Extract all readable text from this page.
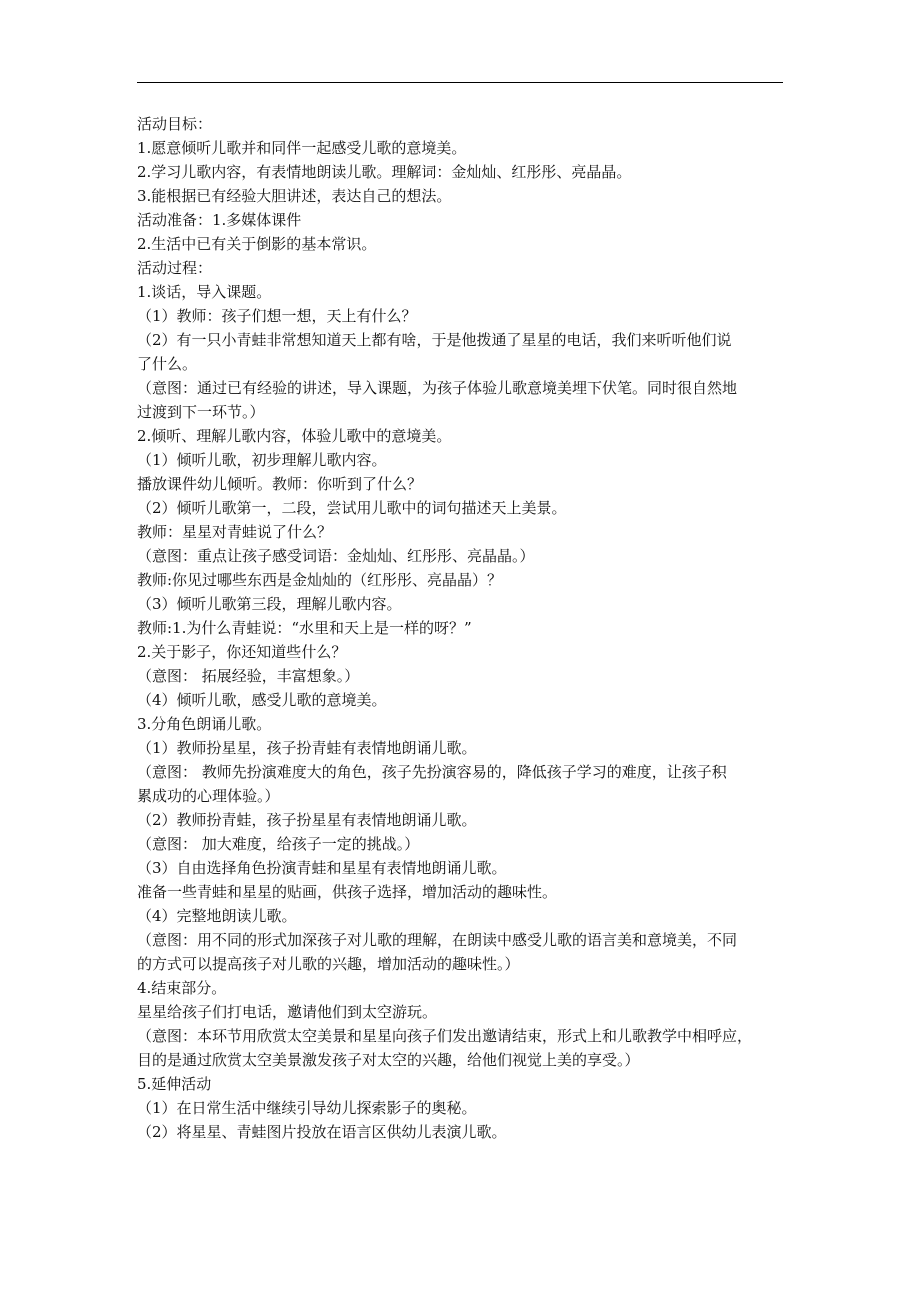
活动目标：
1.愿意倾听儿歌并和同伴一起感受儿歌的意境美。
2.学习儿歌内容，有表情地朗读儿歌。理解词：金灿灿、红彤彤、亮晶晶。
3.能根据已有经验大胆讲述，表达自己的想法。
活动准备：1.多媒体课件
2.生活中已有关于倒影的基本常识。
活动过程：
1.谈话，导入课题。
（1）教师：孩子们想一想，天上有什么？
（2）有一只小青蛙非常想知道天上都有啥，于是他拨通了星星的电话，我们来听听他们说
了什么。
（意图：通过已有经验的讲述，导入课题，为孩子体验儿歌意境美埋下伏笔。同时很自然地
过渡到下一环节。）
2.倾听、理解儿歌内容，体验儿歌中的意境美。
（1）倾听儿歌，初步理解儿歌内容。
播放课件幼儿倾听。教师：你听到了什么？
（2）倾听儿歌第一，二段，尝试用儿歌中的词句描述天上美景。
教师：星星对青蛙说了什么？
（意图：重点让孩子感受词语：金灿灿、红彤彤、亮晶晶。）
教师:你见过哪些东西是金灿灿的（红彤彤、亮晶晶）？
（3）倾听儿歌第三段，理解儿歌内容。
教师:1.为什么青蛙说：“水里和天上是一样的呀？”
2.关于影子，你还知道些什么？
（意图： 拓展经验，丰富想象。）
（4）倾听儿歌，感受儿歌的意境美。
3.分角色朗诵儿歌。
（1）教师扮星星，孩子扮青蛙有表情地朗诵儿歌。
（意图： 教师先扮演难度大的角色，孩子先扮演容易的，降低孩子学习的难度，让孩子积
累成功的心理体验。）
（2）教师扮青蛙，孩子扮星星有表情地朗诵儿歌。
（意图： 加大难度，给孩子一定的挑战。）
（3）自由选择角色扮演青蛙和星星有表情地朗诵儿歌。
准备一些青蛙和星星的贴画，供孩子选择，增加活动的趣味性。
（4）完整地朗读儿歌。
（意图：用不同的形式加深孩子对儿歌的理解，在朗读中感受儿歌的语言美和意境美，不同
的方式可以提高孩子对儿歌的兴趣，增加活动的趣味性。）
4.结束部分。
星星给孩子们打电话，邀请他们到太空游玩。
（意图：本环节用欣赏太空美景和星星向孩子们发出邀请结束，形式上和儿歌教学中相呼应，
目的是通过欣赏太空美景激发孩子对太空的兴趣，给他们视觉上美的享受。）
5.延伸活动
（1）在日常生活中继续引导幼儿探索影子的奥秘。
（2）将星星、青蛙图片投放在语言区供幼儿表演儿歌。
